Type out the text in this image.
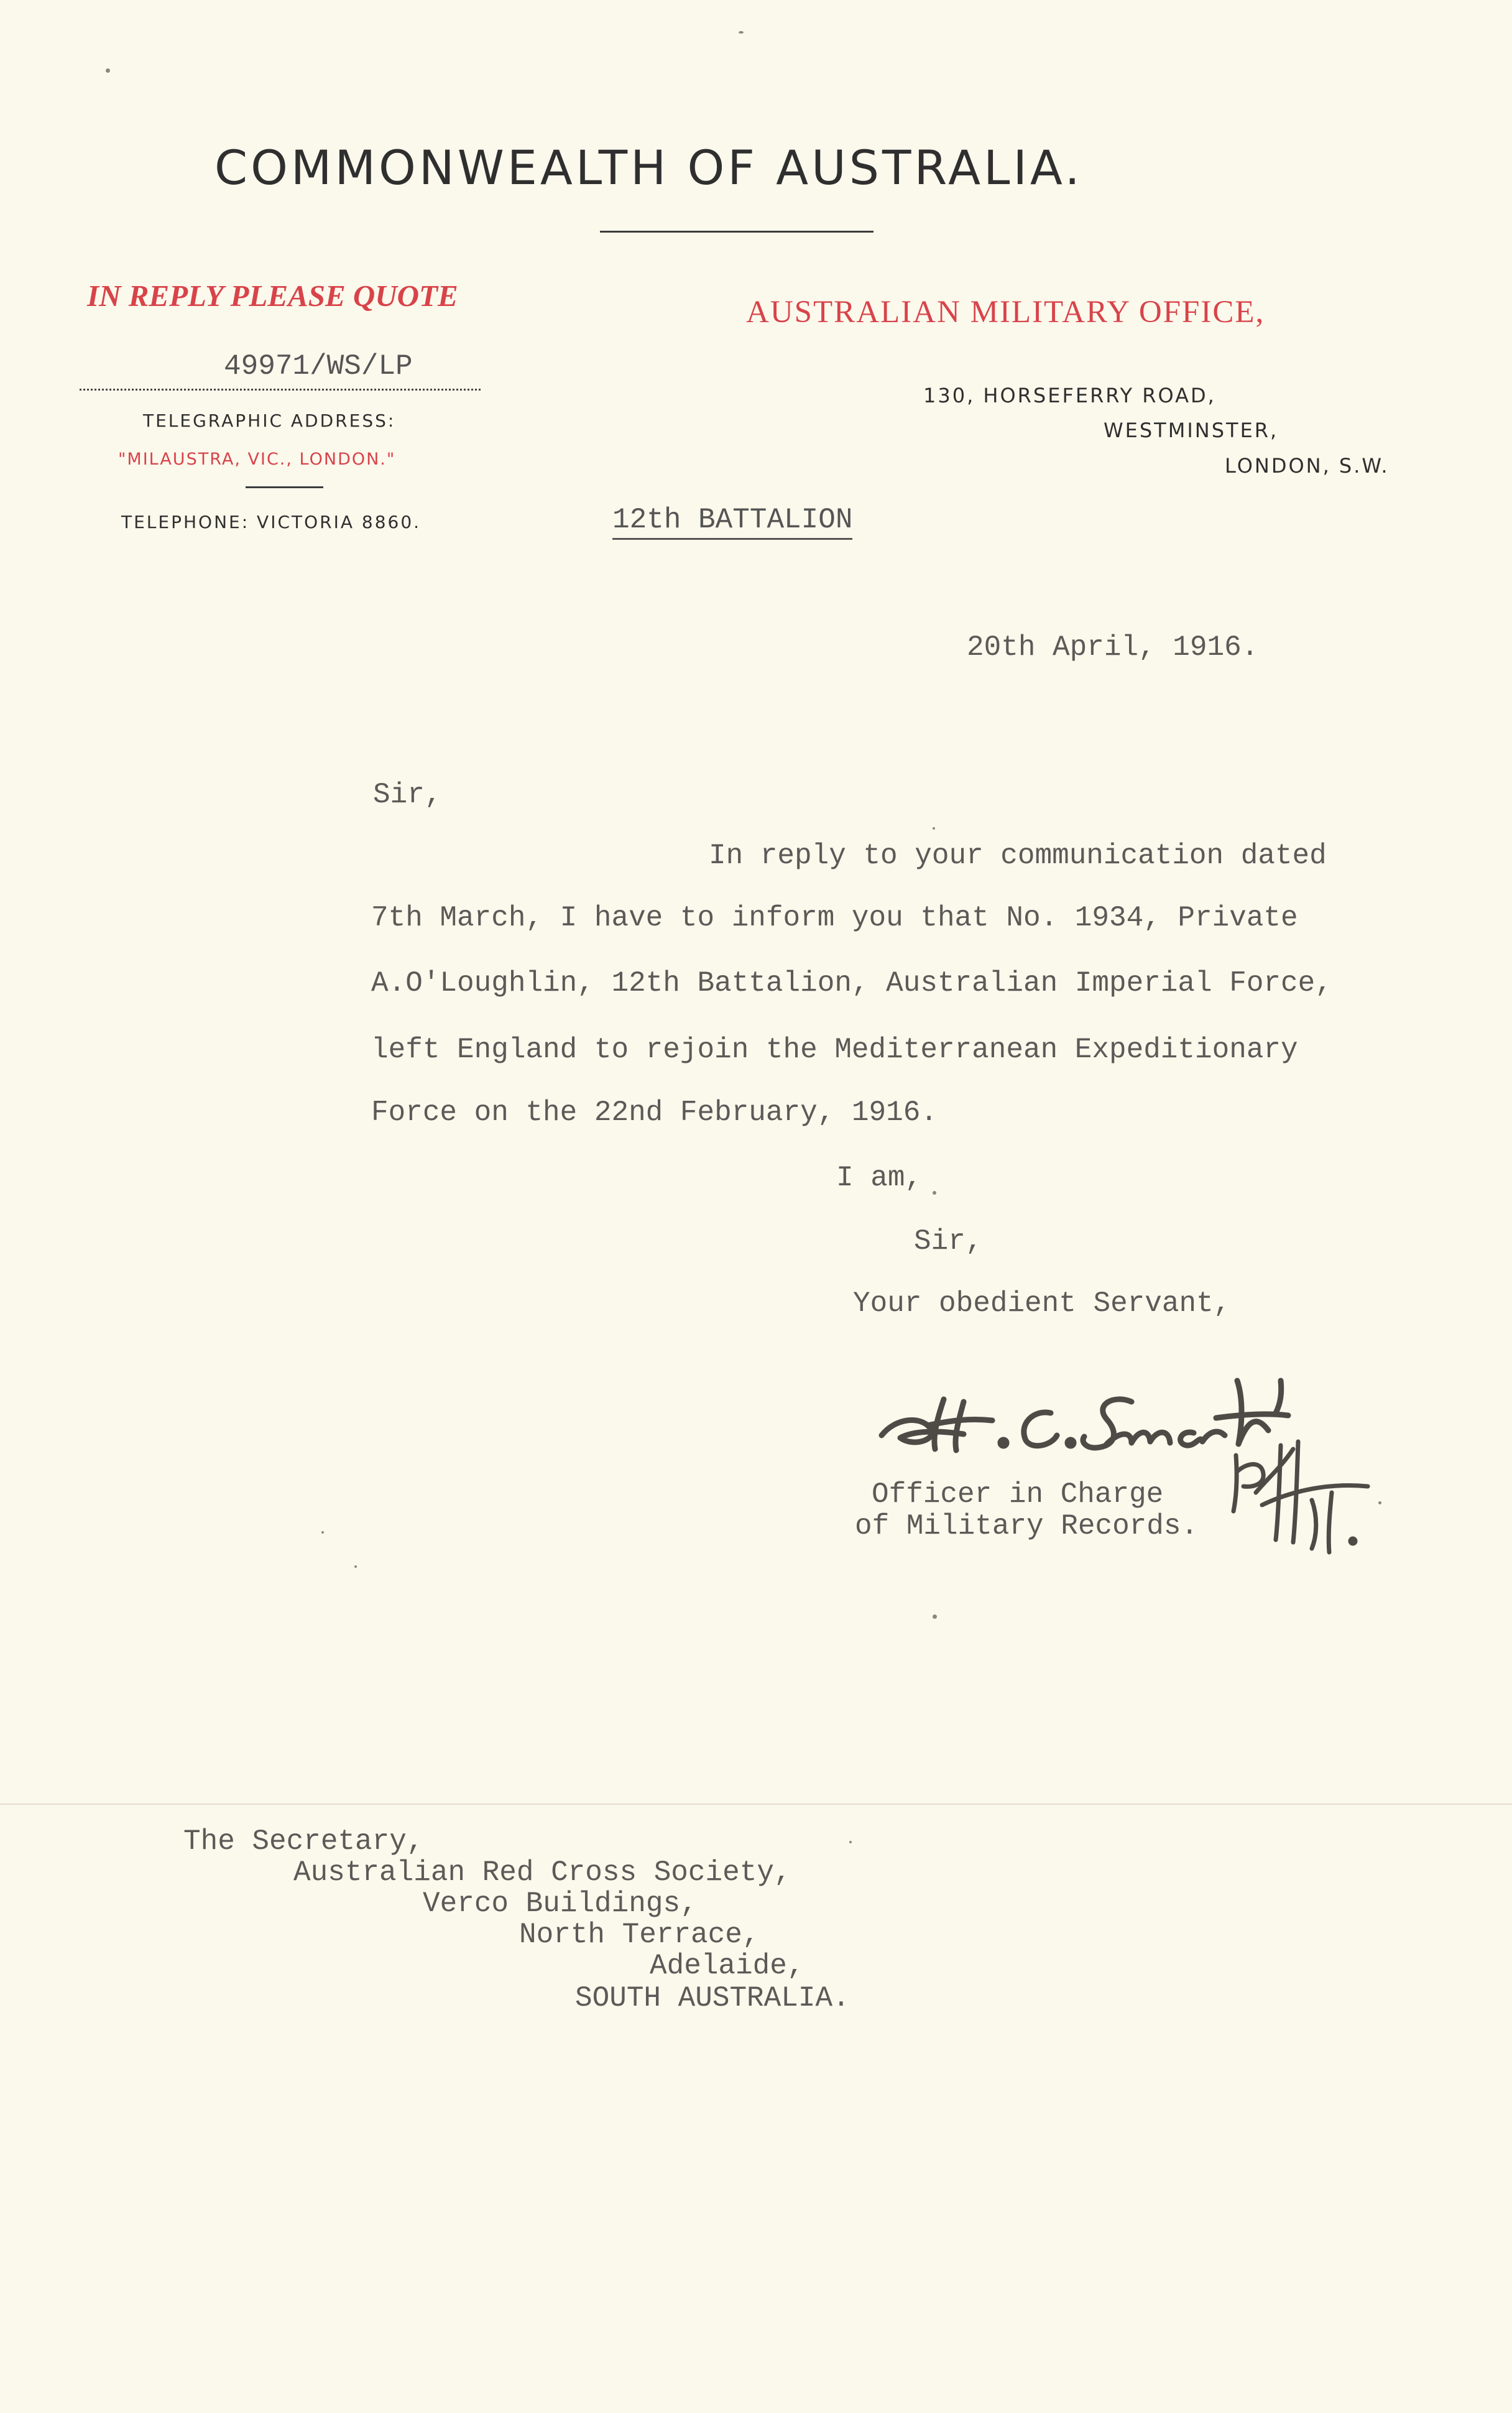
COMMONWEALTH OF AUSTRALIA.
IN REPLY PLEASE QUOTE
49971/WS/LP
TELEGRAPHIC ADDRESS:
"MILAUSTRA, VIC., LONDON."
TELEPHONE: VICTORIA 8860.
AUSTRALIAN MILITARY OFFICE,
130, HORSEFERRY ROAD,
WESTMINSTER,
LONDON, S.W.
12th BATTALION
20th April, 1916.
Sir,
In reply to your communication dated
7th March, I have to inform you that No. 1934, Private
A.O'Loughlin, 12th Battalion, Australian Imperial Force,
left England to rejoin the Mediterranean Expeditionary
Force on the 22nd February, 1916.
I am,
Sir,
Your obedient Servant,
Officer in Charge
of Military Records.
The Secretary,
Australian Red Cross Society,
Verco Buildings,
North Terrace,
Adelaide,
SOUTH AUSTRALIA.
